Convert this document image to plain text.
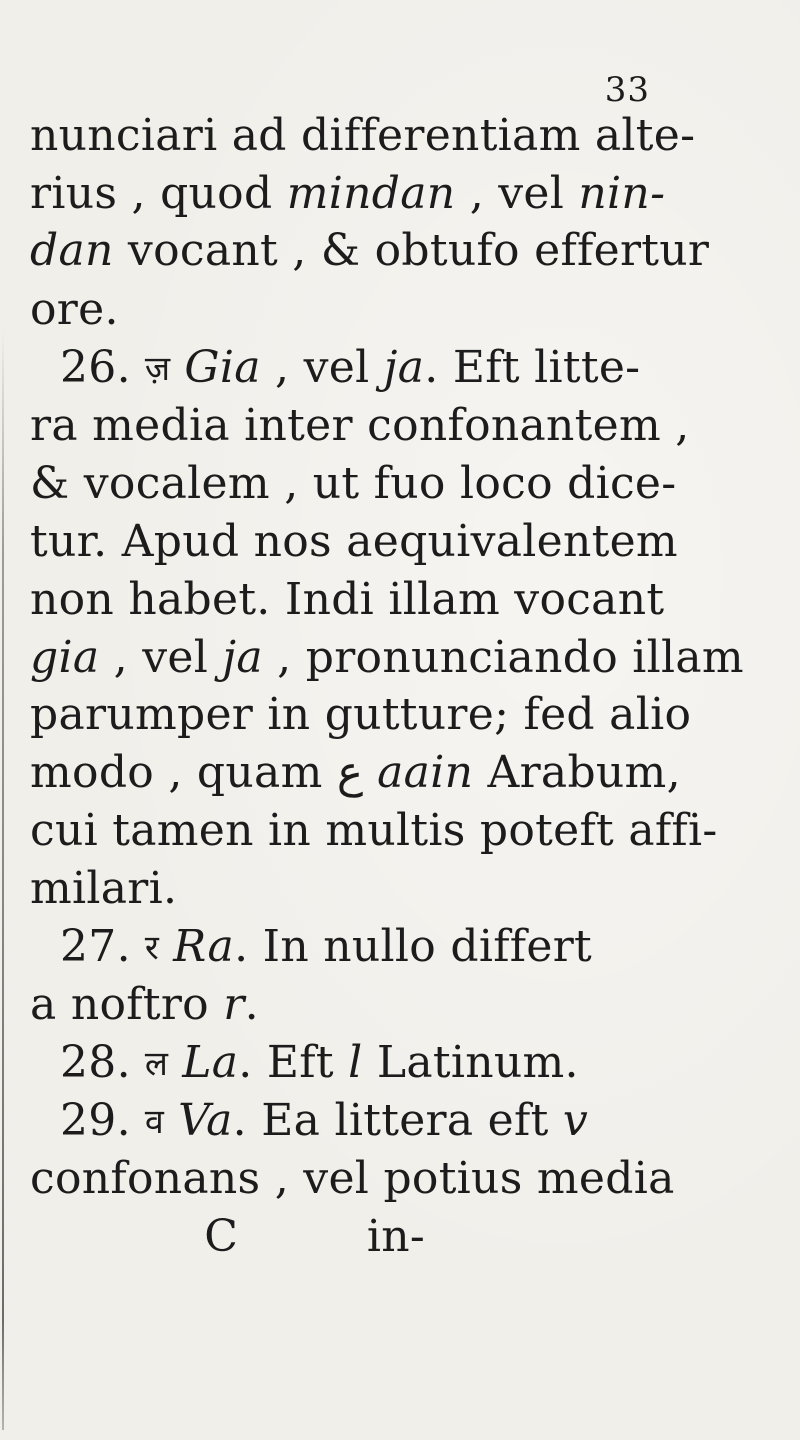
33
nunciari ad differentiam alte-
rius , quod mindan , vel nin-
dan vocant , & obtufo effertur
ore.
26. ज़ Gia , vel ja. Eft litte-
ra media inter confonantem ,
& vocalem , ut fuo loco dice-
tur. Apud nos aequivalentem
non habet. Indi illam vocant
gia , vel ja , pronunciando illam
parumper in gutture; fed alio
modo , quam ع aain Arabum,
cui tamen in multis poteft affi-
milari.
27. र Ra. In nullo differt
a noftro r.
28. ल La. Eft l Latinum.
29. व Va. Ea littera eft v
confonans , vel potius media
C	in-
